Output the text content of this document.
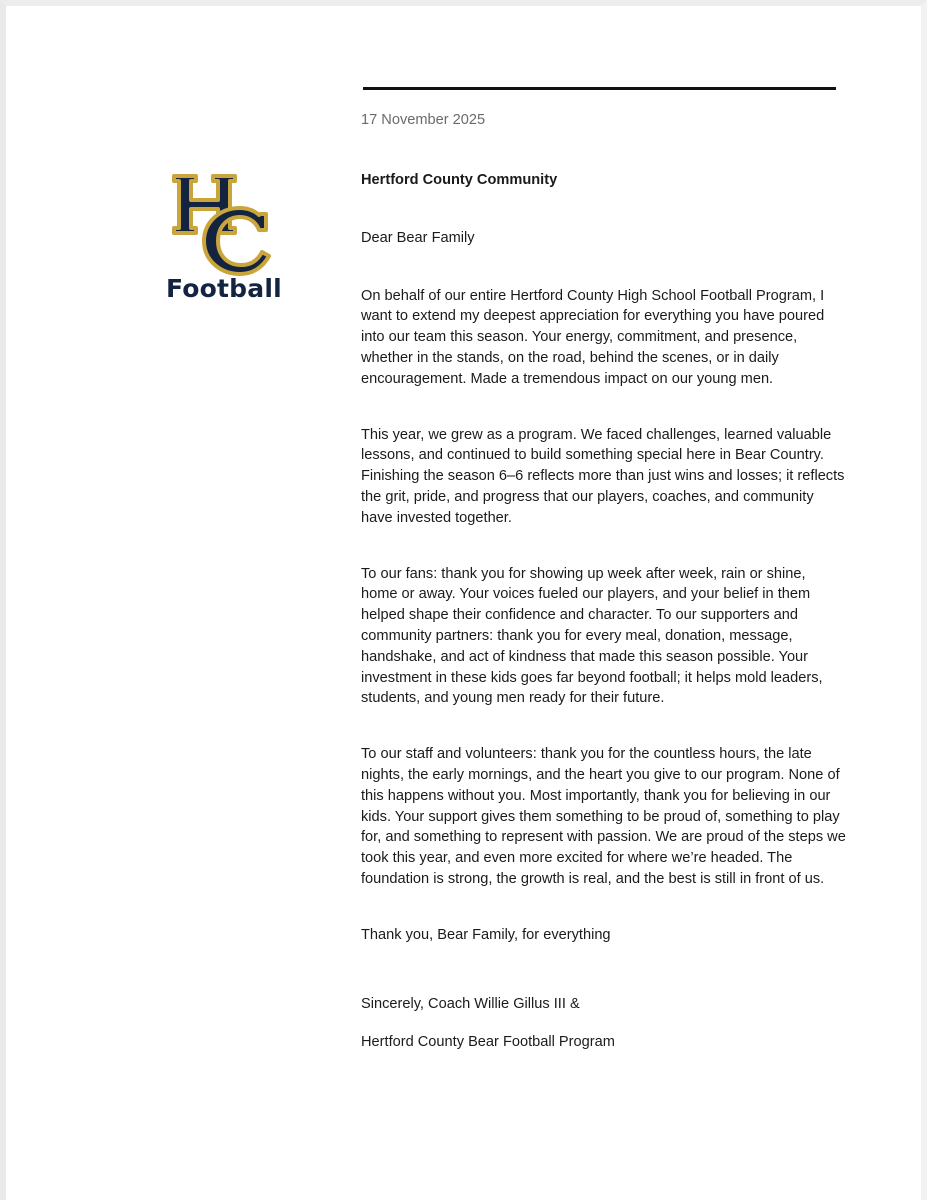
Football

17 November 2025

Hertford County Community

Dear Bear Family

On behalf of our entire Hertford County High School Football Program, I want to extend my deepest appreciation for everything you have poured into our team this season. Your energy, commitment, and presence, whether in the stands, on the road, behind the scenes, or in daily encouragement. Made a tremendous impact on our young men.

This year, we grew as a program. We faced challenges, learned valuable lessons, and continued to build something special here in Bear Country. Finishing the season 6–6 reflects more than just wins and losses; it reflects the grit, pride, and progress that our players, coaches, and community have invested together.

To our fans: thank you for showing up week after week, rain or shine, home or away. Your voices fueled our players, and your belief in them helped shape their confidence and character. To our supporters and community partners: thank you for every meal, donation, message, handshake, and act of kindness that made this season possible. Your investment in these kids goes far beyond football; it helps mold leaders, students, and young men ready for their future.

To our staff and volunteers: thank you for the countless hours, the late nights, the early mornings, and the heart you give to our program. None of this happens without you. Most importantly, thank you for believing in our kids. Your support gives them something to be proud of, something to play for, and something to represent with passion. We are proud of the steps we took this year, and even more excited for where we’re headed. The foundation is strong, the growth is real, and the best is still in front of us.

Thank you, Bear Family, for everything

Sincerely, Coach Willie Gillus III &

Hertford County Bear Football Program
